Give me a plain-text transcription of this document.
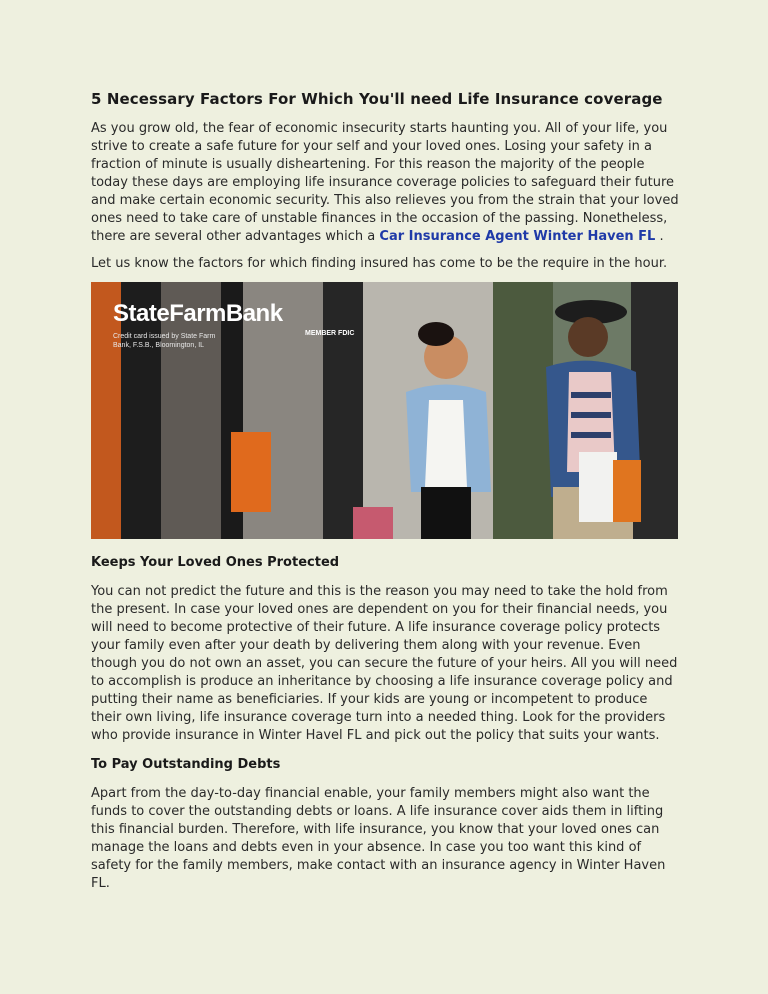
5 Necessary Factors For Which You'll need Life Insurance coverage

As you grow old, the fear of economic insecurity starts haunting you. All of your life, you strive to create a safe future for your self and your loved ones. Losing your safety in a fraction of minute is usually disheartening. For this reason the majority of the people today these days are employing life insurance coverage policies to safeguard their future and make certain economic security. This also relieves you from the strain that your loved ones need to take care of unstable finances in the occasion of the passing. Nonetheless, there are several other advantages which a Car Insurance Agent Winter Haven FL .

Let us know the factors for which finding insured has come to be the require in the hour.

StateFarmBank
Credit card issued by State Farm Bank, F.S.B., Bloomington, IL
MEMBER FDIC
Keeps Your Loved Ones Protected

You can not predict the future and this is the reason you may need to take the hold from the present. In case your loved ones are dependent on you for their financial needs, you will need to become protective of their future. A life insurance coverage policy protects your family even after your death by delivering them along with your revenue. Even though you do not own an asset, you can secure the future of your heirs. All you will need to accomplish is produce an inheritance by choosing a life insurance coverage policy and putting their name as beneficiaries. If your kids are young or incompetent to produce their own living, life insurance coverage turn into a needed thing. Look for the providers who provide insurance in Winter Havel FL and pick out the policy that suits your wants.

To Pay Outstanding Debts

Apart from the day-to-day financial enable, your family members might also want the funds to cover the outstanding debts or loans. A life insurance cover aids them in lifting this financial burden. Therefore, with life insurance, you know that your loved ones can manage the loans and debts even in your absence. In case you too want this kind of safety for the family members, make contact with an insurance agency in Winter Haven FL.
